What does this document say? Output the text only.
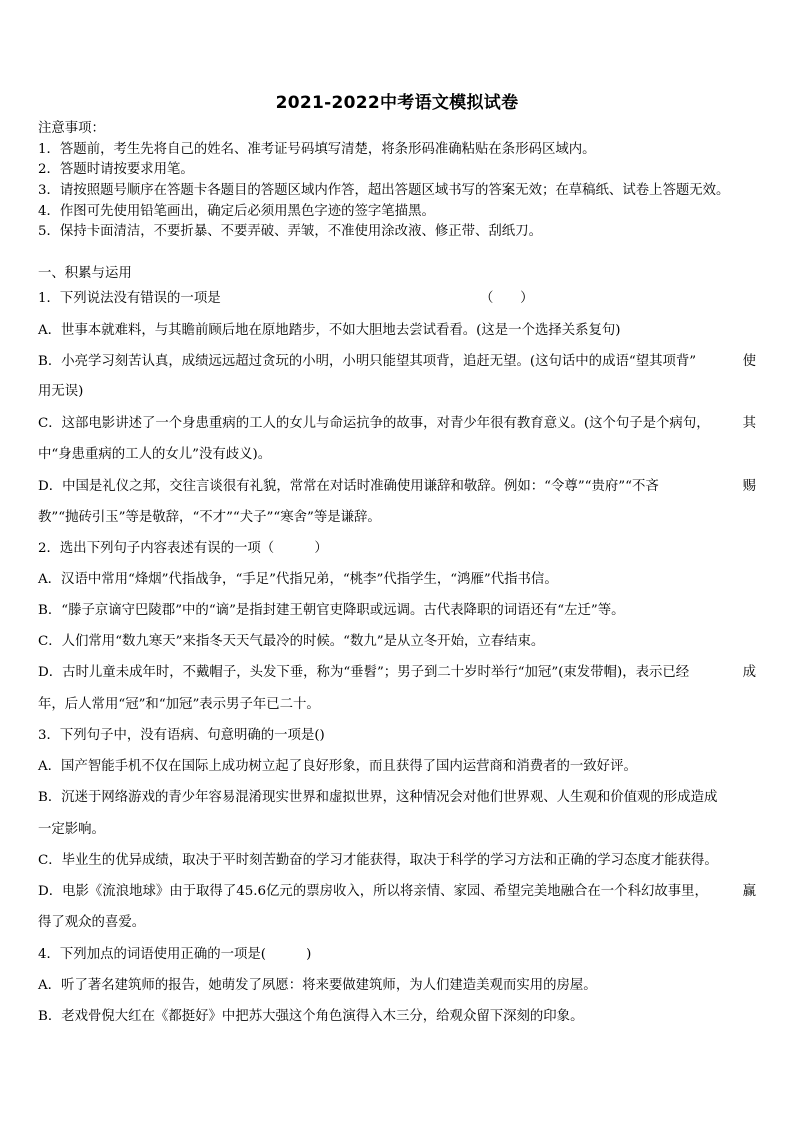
2021-2022中考语文模拟试卷
注意事项：
1．答题前，考生先将自己的姓名、准考证号码填写清楚，将条形码准确粘贴在条形码区域内。
2．答题时请按要求用笔。
3．请按照题号顺序在答题卡各题目的答题区域内作答，超出答题区域书写的答案无效；在草稿纸、试卷上答题无效。
4．作图可先使用铅笔画出，确定后必须用黑色字迹的签字笔描黑。
5．保持卡面清洁，不要折暴、不要弄破、弄皱，不准使用涂改液、修正带、刮纸刀。
一、积累与运用
1．下列说法没有错误的一项是	（　　）
A．世事本就难料，与其瞻前顾后地在原地踏步，不如大胆地去尝试看看。(这是一个选择关系复句)
B．小亮学习刻苦认真，成绩远远超过贪玩的小明，小明只能望其项背，追赶无望。(这句话中的成语“望其项背”	使
用无误)
C．这部电影讲述了一个身患重病的工人的女儿与命运抗争的故事，对青少年很有教育意义。(这个句子是个病句， 其
中“身患重病的工人的女儿”没有歧义)。
D．中国是礼仪之邦，交往言谈很有礼貌，常常在对话时准确使用谦辞和敬辞。例如：“令尊”“贵府”“不吝	赐
教”“抛砖引玉”等是敬辞，“不才”“犬子”“寒舍”等是谦辞。
2．选出下列句子内容表述有误的一项（　　　）
A．汉语中常用“烽烟”代指战争，“手足”代指兄弟，“桃李”代指学生，“鸿雁”代指书信。
B．“滕子京谪守巴陵郡”中的“谪”是指封建王朝官吏降职或远调。古代表降职的词语还有“左迁”等。
C．人们常用“数九寒天”来指冬天天气最冷的时候。“数九”是从立冬开始，立春结束。
D．古时儿童未成年时，不戴帽子，头发下垂，称为“垂髫”；男子到二十岁时举行“加冠”(束发带帽)，表示已经	成
年，后人常用“冠”和“加冠”表示男子年已二十。
3．下列句子中，没有语病、句意明确的一项是()
A．国产智能手机不仅在国际上成功树立起了良好形象，而且获得了国内运营商和消费者的一致好评。
B．沉迷于网络游戏的青少年容易混淆现实世界和虚拟世界，这种情况会对他们世界观、人生观和价值观的形成造成
一定影响。
C．毕业生的优异成绩，取决于平时刻苦勤奋的学习才能获得，取决于科学的学习方法和正确的学习态度才能获得。
D．电影《流浪地球》由于取得了45.6亿元的票房收入，所以将亲情、家园、希望完美地融合在一个科幻故事里，	赢
得了观众的喜爱。
4．下列加点的词语使用正确的一项是(　　　)
A．听了著名建筑师的报告，她萌发了夙愿：将来要做建筑师，为人们建造美观而实用的房屋。
B．老戏骨倪大红在《都挺好》中把苏大强这个角色演得入木三分，给观众留下深刻的印象。
